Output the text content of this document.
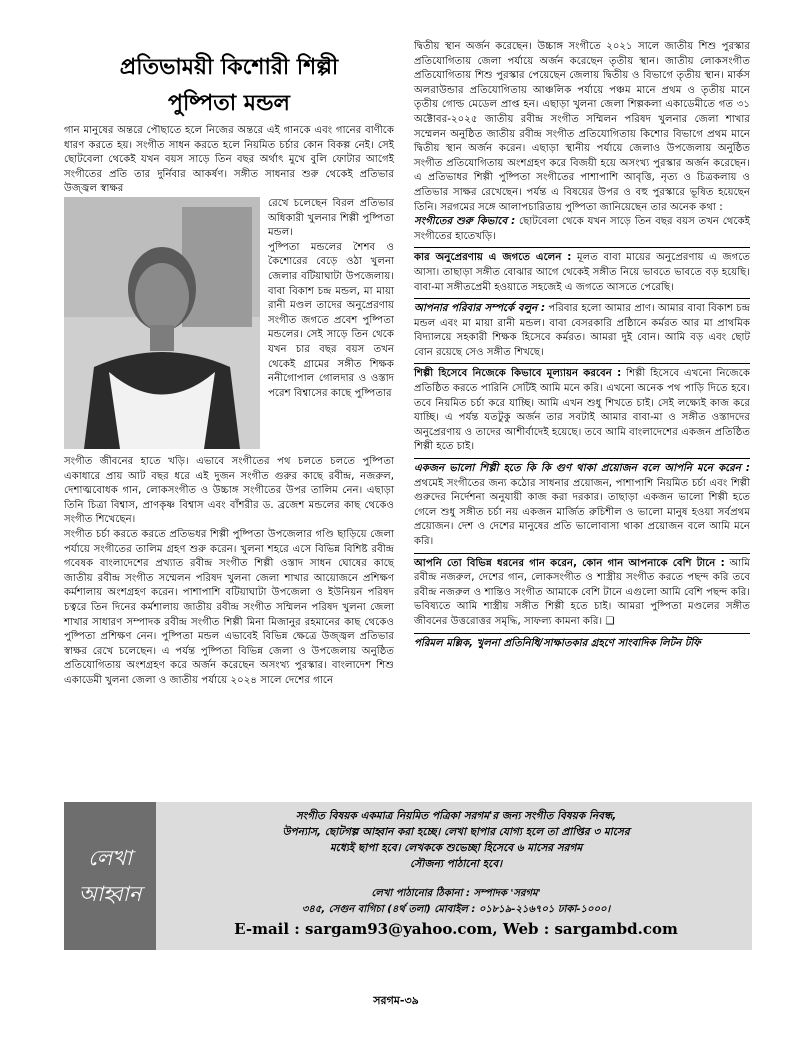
প্রতিভাময়ী কিশোরী শিল্পী
পুষ্পিতা মন্ডল

গান মানুষের অন্তরে পৌছাতে হলে নিজের অন্তরে এই গানকে এবং গানের বাণীকে ধারণ করতে হয়। সংগীত সাধন করতে হলে নিয়মিত চর্চার কোন বিকল্প নেই। সেই ছোটবেলা থেকেই যখন বয়স সাড়ে তিন বছর অর্থাৎ মুখে বুলি ফোটার আগেই সংগীতের প্রতি তার দুর্নিবার আকর্ষণ। সঙ্গীত সাধনার শুরু থেকেই প্রতিভার উজ্জ্বল স্বাক্ষর

রেখে চলেছেন বিরল প্রতিভার অধিকারী খুলনার শিল্পী পুষ্পিতা মন্ডল।

পুষ্পিতা মন্ডলের শৈশব ও কৈশোরের বেড়ে ওঠা খুলনা জেলার বটিয়াঘাটা উপজেলায়। বাবা বিকাশ চন্দ্র মন্ডল, মা মায়া রানী মণ্ডল তাদের অনুপ্রেরণায় সংগীত জগতে প্রবেশ পুষ্পিতা মন্ডলের। সেই সাড়ে তিন থেকে যখন চার বছর বয়স তখন থেকেই গ্রামের সঙ্গীত শিক্ষক ননীগোপাল গোলদার ও ওস্তাদ পরেশ বিশ্বাসের কাছে পুষ্পিতার

সংগীত জীবনের হাতে খড়ি। এভাবে সংগীতের পথ চলতে চলতে পুষ্পিতা একাধারে প্রায় আট বছর ধরে এই দুজন সংগীত গুরুর কাছে রবীন্দ্র, নজরুল, দেশাত্মবোধক গান, লোকসংগীত ও উচ্চাঙ্গ সংগীতের উপর তালিম নেন। এছাড়া তিনি চিত্রা বিশ্বাস, প্রাণকৃষ্ণ বিশ্বাস এবং বাঁশরীর ড. ব্রজেশ মন্ডলের কাছ থেকেও সংগীত শিখেছেন।

সংগীত চর্চা করতে করতে প্রতিভধর শিল্পী পুষ্পিতা উপজেলার গণ্ডি ছাড়িয়ে জেলা পর্যায়ে সংগীতের তালিম গ্রহণ শুরু করেন। খুলনা শহরে এসে বিভিন্ন বিশিষ্ট রবীন্দ্র গবেষক বাংলাদেশের প্রখ্যাত রবীন্দ্র সংগীত শিল্পী ওস্তাদ সাধন ঘোষের কাছে জাতীয় রবীন্দ্র সংগীত সম্মেলন পরিষদ খুলনা জেলা শাখার আয়োজনে প্রশিক্ষণ কর্মশালায় অংশগ্রহণ করেন। পাশাপাশি বটিয়াঘাটা উপজেলা ও ইউনিয়ন পরিষদ চত্বরে তিন দিনের কর্মশালায় জাতীয় রবীন্দ্র সংগীত সম্মিলন পরিষদ খুলনা জেলা শাখার সাধারণ সম্পাদক রবীন্দ্র সংগীত শিল্পী মিনা মিজানুর রহমানের কাছ থেকেও পুষ্পিতা প্রশিক্ষণ নেন। পুষ্পিতা মন্ডল এভাবেই বিভিন্ন ক্ষেত্রে উজ্জ্বল প্রতিভার স্বাক্ষর রেখে চলেছেন। এ পর্যন্ত পুষ্পিতা বিভিন্ন জেলা ও উপজেলায় অনুষ্ঠিত প্রতিযোগিতায় অংশগ্রহণ করে অর্জন করেছেন অসংখ্য পুরস্কার। বাংলাদেশ শিশু একাডেমী খুলনা জেলা ও জাতীয় পর্যায়ে ২০২৪ সালে দেশের গানে

দ্বিতীয় স্থান অর্জন করেছেন। উচ্চাঙ্গ সংগীতে ২০২১ সালে জাতীয় শিশু পুরস্কার প্রতিযোগিতায় জেলা পর্যায়ে অর্জন করেছেন তৃতীয় স্থান। জাতীয় লোকসংগীত প্রতিযোগিতায় শিশু পুরস্কার পেয়েছেন জেলায় দ্বিতীয় ও বিভাগে তৃতীয় স্থান। মার্কস অলরাউন্ডার প্রতিযোগিতায় আঞ্চলিক পর্যায়ে পঞ্চম মানে প্রথম ও তৃতীয় মানে তৃতীয় গোল্ড মেডেল প্রাপ্ত হন। এছাড়া খুলনা জেলা শিল্পকলা একাডেমীতে গত ৩১ অক্টোবর-২০২৫ জাতীয় রবীন্দ্র সংগীত সম্মিলন পরিষদ খুলনার জেলা শাখার সম্মেলন অনুষ্ঠিত জাতীয় রবীন্দ্র সংগীত প্রতিযোগিতায় কিশোর বিভাগে প্রথম মানে দ্বিতীয় স্থান অর্জন করেন। এছাড়া স্থানীয় পর্যায়ে জেলাও উপজেলায় অনুষ্ঠিত সংগীত প্রতিযোগিতায় অংশগ্রহণ করে বিজয়ী হয়ে অসংখ্য পুরস্কার অর্জন করেছেন। এ প্রতিভাধর শিল্পী পুষ্পিতা সংগীতের পাশাপাশি আবৃত্তি, নৃত্য ও চিত্রকলায় ও প্রতিভার সাক্ষর রেখেছেন। পর্যন্ত এ বিষয়ের উপর ও বহু পুরস্কারে ভূষিত হয়েছেন তিনি। সরগমের সঙ্গে আলাপচারিতায় পুষ্পিতা জানিয়েছেন তার অনেক কথা :

সংগীতের শুরু কিভাবে : ছোটবেলা থেকে যখন সাড়ে তিন বছর বয়স তখন থেকেই সংগীতের হাতেখড়ি।

কার অনুপ্রেরণায় এ জগতে এলেন : মূলত বাবা মায়ের অনুপ্রেরণায় এ জগতে আসা। তাছাড়া সঙ্গীত বোঝার আগে থেকেই সঙ্গীত নিয়ে ভাবতে ভাবতে বড় হয়েছি। বাবা-মা সঙ্গীতপ্রেমী হওয়াতে সহজেই এ জগতে আসতে পেরেছি।

আপনার পরিবার সম্পর্কে বলুন : পরিবার হলো আমার প্রাণ। আমার বাবা বিকাশ চন্দ্র মন্ডল এবং মা মায়া রানী মন্ডল। বাবা বেসরকারি প্রষ্ঠিানে কর্মরত আর মা প্রাথমিক বিদ্যালয়ে সহকারী শিক্ষক হিসেবে কর্মরত। আমরা দুই বোন। আমি বড় এবং ছোট বোন রয়েছে সেও সঙ্গীত শিখছে।

শিল্পী হিসেবে নিজেকে কিভাবে মূল্যায়ন করবেন : শিল্পী হিসেবে এখনো নিজেকে প্রতিষ্ঠিত করতে পারিনি সেটিই আমি মনে করি। এখনো অনেক পথ পাড়ি দিতে হবে। তবে নিয়মিত চর্চা করে যাচ্ছি। আমি এখন শুধু শিখতে চাই। সেই লক্ষ্যেই কাজ করে যাচ্ছি। এ পর্যন্ত যতটুকু অর্জন তার সবটাই আমার বাবা-মা ও সঙ্গীত ওস্তাদদের অনুপ্রেরণায় ও তাদের আশীর্বাদেই হয়েছে। তবে আমি বাংলাদেশের একজন প্রতিষ্ঠিত শিল্পী হতে চাই।

একজন ভালো শিল্পী হতে কি কি গুণ থাকা প্রয়োজন বলে আপনি মনে করেন : প্রথমেই সংগীতের জন্য কঠোর সাধনার প্রয়োজন, পাশাপাশি নিয়মিত চর্চা এবং শিল্পী গুরুদের নির্দেশনা অনুযায়ী কাজ করা দরকার। তাছাড়া একজন ভালো শিল্পী হতে গেলে শুধু সঙ্গীত চর্চা নয় একজন মার্জিত রুচিশীল ও ভালো মানুষ হওয়া সর্বপ্রথম প্রয়োজন। দেশ ও দেশের মানুষের প্রতি ভালোবাসা থাকা প্রয়োজন বলে আমি মনে করি।

আপনি তো বিভিন্ন ধরনের গান করেন, কোন গান আপনাকে বেশি টানে : আমি রবীন্দ্র নজরুল, দেশের গান, লোকসংগীত ও শাস্ত্রীয় সংগীত করতে পছন্দ করি তবে রবীন্দ্র নজরুল ও শান্তিও সংগীত আমাকে বেশি টানে এগুলো আমি বেশি পছন্দ করি। ভবিষ্যতে আমি শাস্ত্রীয় সঙ্গীত শিল্পী হতে চাই। আমরা পুষ্পিতা মণ্ডলের সঙ্গীত জীবনের উত্তরোত্তর সমৃদ্ধি, সাফল্য কামনা করি। ❑

পরিমল মল্লিক, খুলনা প্রতিনিধি/সাক্ষাতকার গ্রহণে সাংবাদিক লিটন টফি

লেখা
আহ্বান
সংগীত বিষয়ক একমাত্র নিয়মিত পত্রিকা সরগম'র জন্য সংগীত বিষয়ক নিবন্ধ,
উপন্যাস, ছোটগল্প আহ্বান করা হচ্ছে। লেখা ছাপার যোগ্য হলে তা প্রাপ্তির ৩ মাসের
মধ্যেই ছাপা হবে। লেখককে শুভেচ্ছা হিসেবে ৬ মাসের সরগম
সৌজন্য পাঠানো হবে।
লেখা পাঠানোর ঠিকানা : সম্পাদক 'সরগম'
৩৪৫, সেগুন বাগিচা (৪র্থ তলা) মোবাইল : ০১৮১৯-২১৬৭০১ ঢাকা-১০০০।
E-mail : sargam93@yahoo.com, Web : sargambd.com
সরগম-৩৯
